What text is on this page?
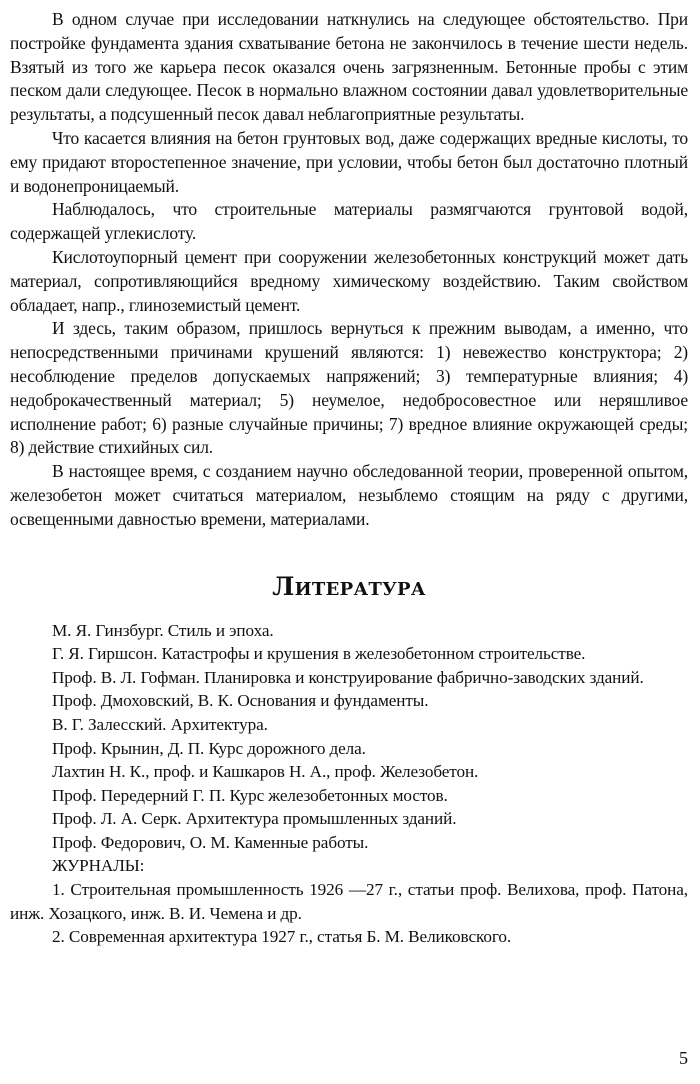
В одном случае при исследовании наткнулись на следующее обстоятельство. При постройке фундамента здания схватывание бетона не закончилось в течение шести недель. Взятый из того же карьера песок оказался очень загрязненным. Бетонные пробы с этим песком дали следующее. Песок в нормально влажном состоянии давал удовлетворительные результаты, а подсушенный песок давал неблагоприятные результаты.

Что касается влияния на бетон грунтовых вод, даже содержащих вредные кислоты, то ему придают второстепенное значение, при условии, чтобы бетон был достаточно плотный и водонепроницаемый.

Наблюдалось, что строительные материалы размягчаются грунтовой водой, содержащей углекислоту.

Кислотоупорный цемент при сооружении железобетонных конструкций может дать материал, сопротивляющийся вредному химическому воздействию. Таким свойством обладает, напр., глиноземистый цемент.

И здесь, таким образом, пришлось вернуться к прежним выводам, а именно, что непосредственными причинами крушений являются: 1) невежество конструктора; 2) несоблюдение пределов допускаемых напряжений; 3) температурные влияния; 4) недоброкачественный материал; 5) неумелое, недобросовестное или неряшливое исполнение работ; 6) разные случайные причины; 7) вредное влияние окружающей среды; 8) действие стихийных сил.

В настоящее время, с созданием научно обследованной теории, проверенной опытом, железобетон может считаться материалом, незыблемо стоящим на ряду с другими, освещенными давностью времени, материалами.

Литература

М. Я. Гинзбург. Стиль и эпоха.

Г. Я. Гиршсон. Катастрофы и крушения в железобетонном строительстве.

Проф. В. Л. Гофман. Планировка и конструирование фабрично-заводских зданий.

Проф. Дмоховский, В. К. Основания и фундаменты.

В. Г. Залесский. Архитектура.

Проф. Крынин, Д. П. Курс дорожного дела.

Лахтин Н. К., проф. и Кашкаров Н. А., проф. Железобетон.

Проф. Передерний Г. П. Курс железобетонных мостов.

Проф. Л. А. Серк. Архитектура промышленных зданий.

Проф. Федорович, О. М. Каменные работы.

ЖУРНАЛЫ:

1. Строительная промышленность 1926 —27 г., статьи проф. Велихова, проф. Патона, инж. Хозацкого, инж. В. И. Чемена и др.

2. Современная архитектура 1927 г., статья Б. М. Великовского.

5
